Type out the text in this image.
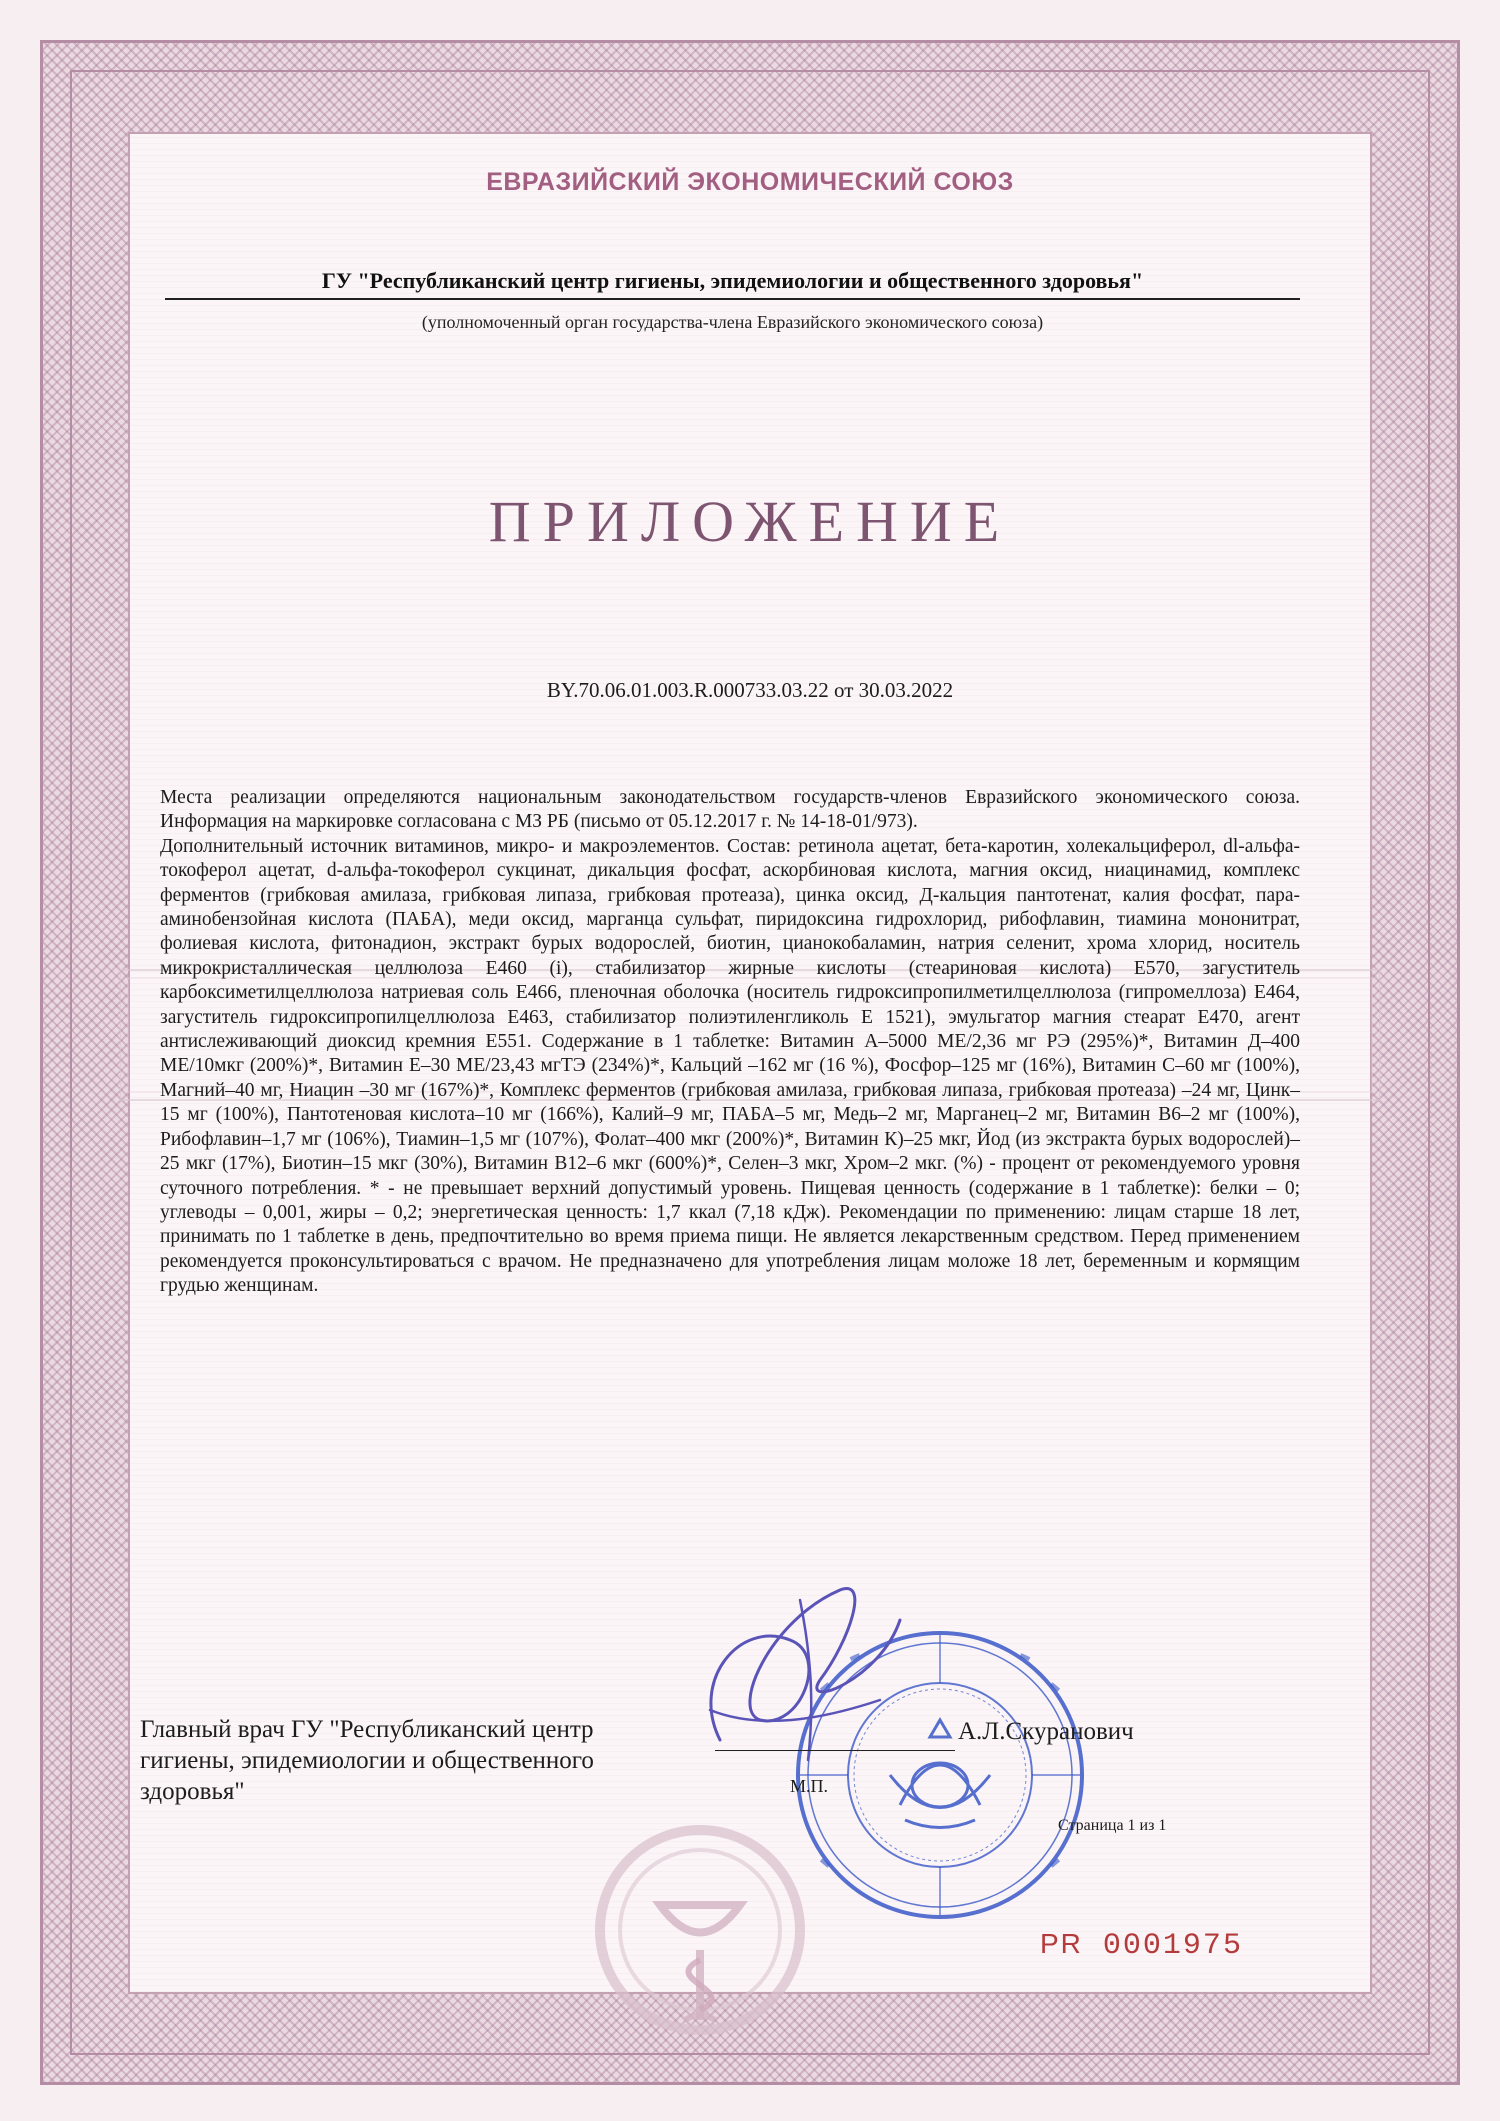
ЕВРАЗИЙСКИЙ ЭКОНОМИЧЕСКИЙ СОЮЗ
ГУ "Республиканский центр гигиены, эпидемиологии и общественного здоровья"
(уполномоченный орган государства-члена Евразийского экономического союза)
ПРИЛОЖЕНИЕ
BY.70.06.01.003.R.000733.03.22 от 30.03.2022

Места реализации определяются национальным законодательством государств-членов Евразийского экономического союза. Информация на маркировке согласована с МЗ РБ (письмо от 05.12.2017 г. № 14-18-01/973).

Дополнительный источник витаминов, микро- и макроэлементов. Состав: ретинола ацетат, бета-каротин, холекальциферол, dl-альфа-токоферол ацетат, d-альфа-токоферол сукцинат, дикальция фосфат, аскорбиновая кислота, магния оксид, ниацинамид, комплекс ферментов (грибковая амилаза, грибковая липаза, грибковая протеаза), цинка оксид, Д-кальция пантотенат, калия фосфат, пара-аминобензойная кислота (ПАБА), меди оксид, марганца сульфат, пиридоксина гидрохлорид, рибофлавин, тиамина мононитрат, фолиевая кислота, фитонадион, экстракт бурых водорослей, биотин, цианокобаламин, натрия селенит, хрома хлорид, носитель микрокристаллическая целлюлоза Е460 (i), стабилизатор жирные кислоты (стеариновая кислота) Е570, загуститель карбоксиметилцеллюлоза натриевая соль Е466, пленочная оболочка (носитель гидроксипропилметилцеллюлоза (гипромеллоза) Е464, загуститель гидроксипропилцеллюлоза Е463, стабилизатор полиэтиленгликоль Е 1521), эмульгатор магния стеарат Е470, агент антислеживающий диоксид кремния Е551. Содержание в 1 таблетке: Витамин А–5000 МЕ/2,36 мг РЭ (295%)*, Витамин Д–400 МЕ/10мкг (200%)*, Витамин Е–30 МЕ/23,43 мгТЭ (234%)*, Кальций –162 мг (16 %), Фосфор–125 мг (16%), Витамин С–60 мг (100%), Магний–40 мг, Ниацин –30 мг (167%)*, Комплекс ферментов (грибковая амилаза, грибковая липаза, грибковая протеаза) –24 мг, Цинк–15 мг (100%), Пантотеновая кислота–10 мг (166%), Калий–9 мг, ПАБА–5 мг, Медь–2 мг, Марганец–2 мг, Витамин В6–2 мг (100%), Рибофлавин–1,7 мг (106%), Тиамин–1,5 мг (107%), Фолат–400 мкг (200%)*, Витамин К)–25 мкг, Йод (из экстракта бурых водорослей)–25 мкг (17%), Биотин–15 мкг (30%), Витамин В12–6 мкг (600%)*, Селен–3 мкг, Хром–2 мкг. (%) - процент от рекомендуемого уровня суточного потребления. * - не превышает верхний допустимый уровень. Пищевая ценность (содержание в 1 таблетке): белки – 0; углеводы – 0,001, жиры – 0,2; энергетическая ценность: 1,7 ккал (7,18 кДж). Рекомендации по применению: лицам старше 18 лет, принимать по 1 таблетке в день, предпочтительно во время приема пищи. Не является лекарственным средством. Перед применением рекомендуется проконсультироваться с врачом. Не предназначено для употребления лицам моложе 18 лет, беременным и кормящим грудью женщинам.

Главный врач ГУ "Республиканский центр гигиены, эпидемиологии и общественного здоровья"
А.Л.Скуранович
М.П.
Страница 1 из 1
PR 0001975
